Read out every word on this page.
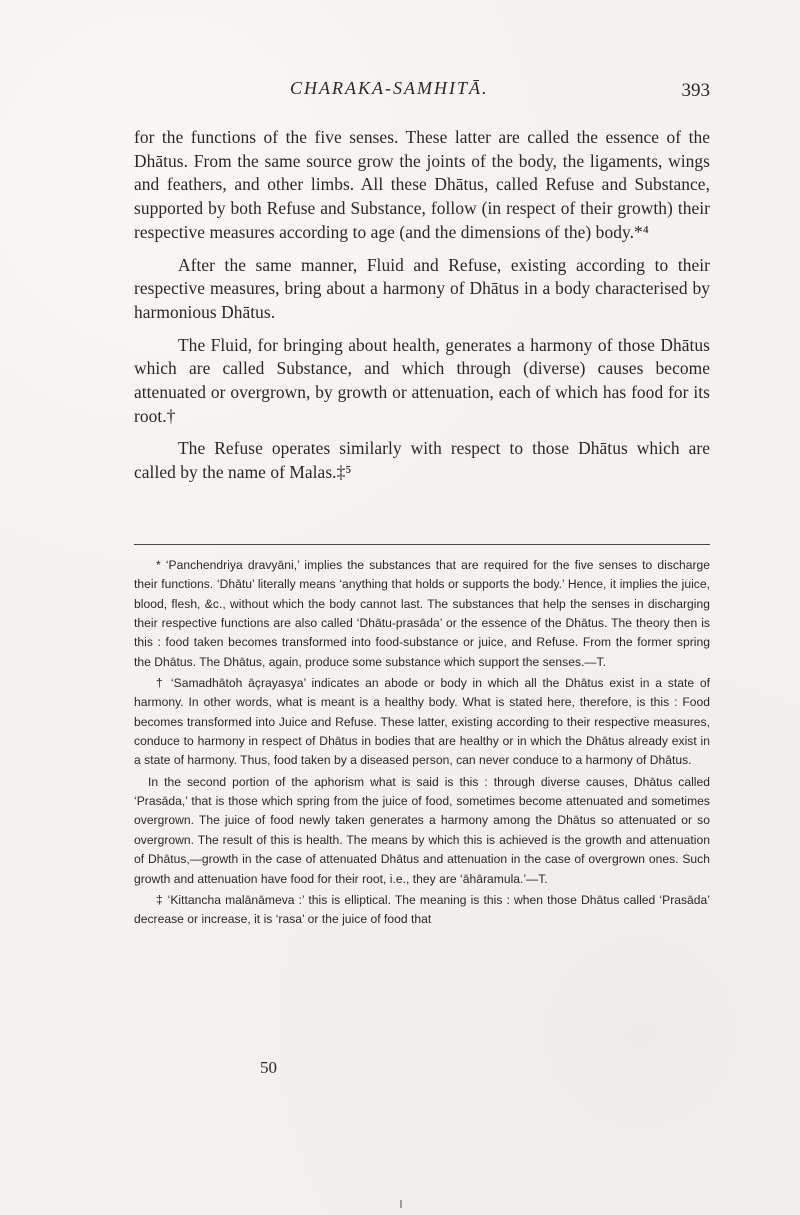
CHARAKA-SAMHITĀ.	393

for the functions of the five senses. These latter are called the essence of the Dhātus. From the same source grow the joints of the body, the ligaments, wings and feathers, and other limbs. All these Dhātus, called Refuse and Substance, supported by both Refuse and Substance, follow (in respect of their growth) their respective measures according to age (and the dimensions of the) body.*⁴

After the same manner, Fluid and Refuse, existing according to their respective measures, bring about a harmony of Dhātus in a body characterised by harmonious Dhātus.

The Fluid, for bringing about health, generates a harmony of those Dhātus which are called Substance, and which through (diverse) causes become attenuated or overgrown, by growth or attenuation, each of which has food for its root.†

The Refuse operates similarly with respect to those Dhātus which are called by the name of Malas.‡⁵

* ‘Panchendriya dravyāni,’ implies the substances that are required for the five senses to discharge their functions. ‘Dhātu’ literally means ‘anything that holds or supports the body.’ Hence, it implies the juice, blood, flesh, &c., without which the body cannot last. The substances that help the senses in discharging their respective functions are also called ‘Dhātu-prasāda’ or the essence of the Dhātus. The theory then is this : food taken becomes transformed into food-substance or juice, and Refuse. From the former spring the Dhātus. The Dhātus, again, produce some substance which support the senses.—T.

† ‘Samadhātoh āçrayasya’ indicates an abode or body in which all the Dhātus exist in a state of harmony. In other words, what is meant is a healthy body. What is stated here, therefore, is this : Food becomes transformed into Juice and Refuse. These latter, existing according to their respective measures, conduce to harmony in respect of Dhātus in bodies that are healthy or in which the Dhātus already exist in a state of harmony. Thus, food taken by a diseased person, can never conduce to a harmony of Dhātus.

In the second portion of the aphorism what is said is this : through diverse causes, Dhātus called ‘Prasāda,’ that is those which spring from the juice of food, sometimes become attenuated and sometimes overgrown. The juice of food newly taken generates a harmony among the Dhātus so attenuated or so overgrown. The result of this is health. The means by which this is achieved is the growth and attenuation of Dhātus,—growth in the case of attenuated Dhātus and attenuation in the case of overgrown ones. Such growth and attenuation have food for their root, i.e., they are ‘āhāramula.’—T.

‡ ‘Kittancha malānāmeva :’ this is elliptical. The meaning is this : when those Dhātus called ‘Prasāda’ decrease or increase, it is ‘rasa’ or the juice of food that

50
